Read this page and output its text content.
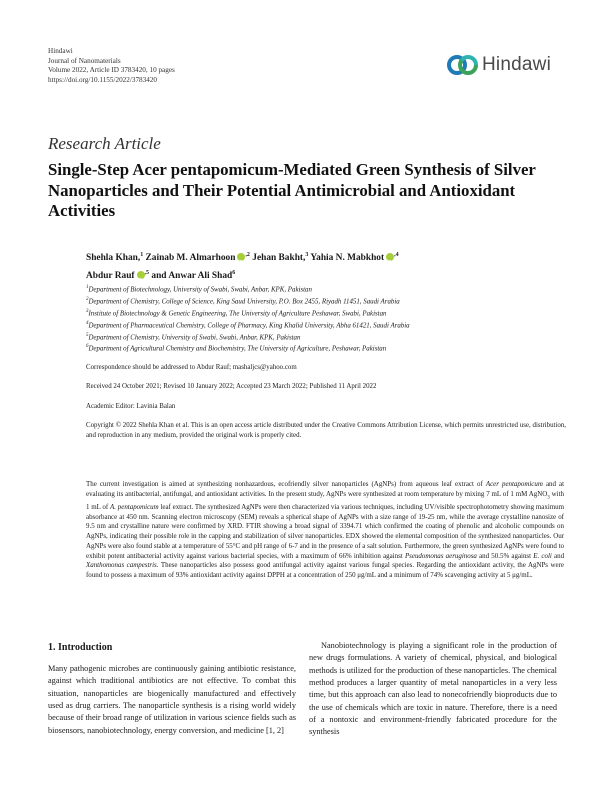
Hindawi
Journal of Nanomaterials
Volume 2022, Article ID 3783420, 10 pages
https://doi.org/10.1155/2022/3783420
Hindawi
Research Article
Single-Step Acer pentapomicum-Mediated Green Synthesis of Silver Nanoparticles and Their Potential Antimicrobial and Antioxidant Activities
Shehla Khan,$^1$ Zainab M. Almarhoon iD $^{,2}$ Jehan Bakht,$^3$ Yahia N. Mabkhot iD $^{,4}$
Abdur Rauf iD $^{,5}$ and Anwar Ali Shad$^6$
$^1$Department of Biotechnology, University of Swabi, Swabi, Anbar, KPK, Pakistan
$^2$Department of Chemistry, College of Science, King Saud University, P.O. Box 2455, Riyadh 11451, Saudi Arabia
$^3$Institute of Biotechnology & Genetic Engineering, The University of Agriculture Peshawar, Swabi, Pakistan
$^4$Department of Pharmaceutical Chemistry, College of Pharmacy, King Khalid University, Abha 61421, Saudi Arabia
$^5$Department of Chemistry, University of Swabi, Swabi, Anbar, KPK, Pakistan
$^6$Department of Agricultural Chemistry and Biochemistry, The University of Agriculture, Peshawar, Pakistan
Correspondence should be addressed to Abdur Rauf; mashaljcs@yahoo.com
Received 24 October 2021; Revised 10 January 2022; Accepted 23 March 2022; Published 11 April 2022
Academic Editor: Lavinia Balan
Copyright © 2022 Shehla Khan et al. This is an open access article distributed under the Creative Commons Attribution License, which permits unrestricted use, distribution, and reproduction in any medium, provided the original work is properly cited.

The current investigation is aimed at synthesizing nonhazardous, ecofriendly silver nanoparticles (AgNPs) from aqueous leaf extract of Acer pentapomicum and at evaluating its antibacterial, antifungal, and antioxidant activities. In the present study, AgNPs were synthesized at room temperature by mixing 7 mL of 1 mM AgNO$_3$ with 1 mL of A. pentapomicum leaf extract. The synthesized AgNPs were then characterized via various techniques, including UV/visible spectrophotometry showing maximum absorbance at 450 nm. Scanning electron microscopy (SEM) reveals a spherical shape of AgNPs with a size range of 19-25 nm, while the average crystalline nanosize of 9.5 nm and crystalline nature were confirmed by XRD. FTIR showing a broad signal of 3394.71 which confirmed the coating of phenolic and alcoholic compounds on AgNPs, indicating their possible role in the capping and stabilization of silver nanoparticles. EDX showed the elemental composition of the synthesized nanoparticles. Our AgNPs were also found stable at a temperature of 55°C and pH range of 6-7 and in the presence of a salt solution. Furthermore, the green synthesized AgNPs were found to exhibit potent antibacterial activity against various bacterial species, with a maximum of 66% inhibition against Pseudomonas aeruginosa and 50.5% against E. coli and Xanthomonas campestris. These nanoparticles also possess good antifungal activity against various fungal species. Regarding the antioxidant activity, the AgNPs were found to possess a maximum of 93% antioxidant activity against DPPH at a concentration of 250 μg/mL and a minimum of 74% scavenging activity at 5 μg/mL.

1. Introduction

Many pathogenic microbes are continuously gaining antibiotic resistance, against which traditional antibiotics are not effective. To combat this situation, nanoparticles are biogenically manufactured and effectively used as drug carriers. The nanoparticle synthesis is a rising world widely because of their broad range of utilization in various science fields such as biosensors, nanobiotechnology, energy conversion, and medicine [1, 2]

Nanobiotechnology is playing a significant role in the production of new drugs formulations. A variety of chemical, physical, and biological methods is utilized for the production of these nanoparticles. The chemical method produces a larger quantity of metal nanoparticles in a very less time, but this approach can also lead to nonecofriendly bioproducts due to the use of chemicals which are toxic in nature. Therefore, there is a need of a nontoxic and environment-friendly fabricated procedure for the synthesis
